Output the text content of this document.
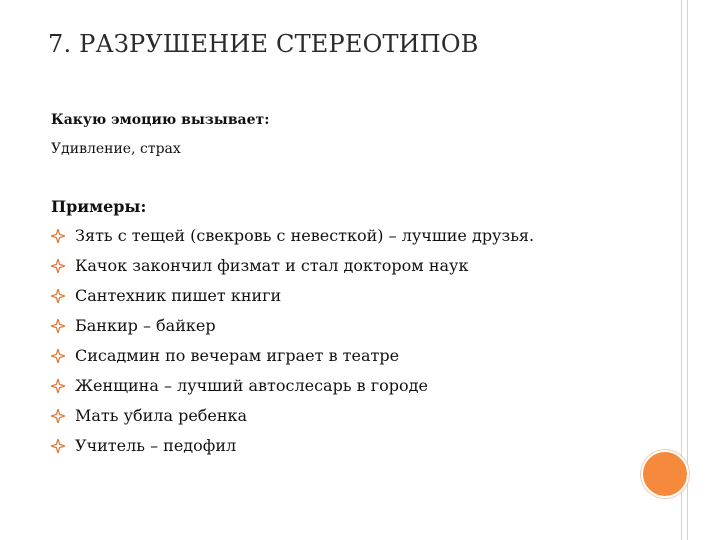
7. РАЗРУШЕНИЕ СТЕРЕОТИПОВ
Какую эмоцию вызывает:
Удивление, страх
Примеры:
Зять с тещей (свекровь с невесткой) – лучшие друзья.
Качок закончил физмат и стал доктором наук
Сантехник пишет книги
Банкир – байкер
Сисадмин по вечерам играет в театре
Женщина – лучший автослесарь в городе
Мать убила ребенка
Учитель – педофил
